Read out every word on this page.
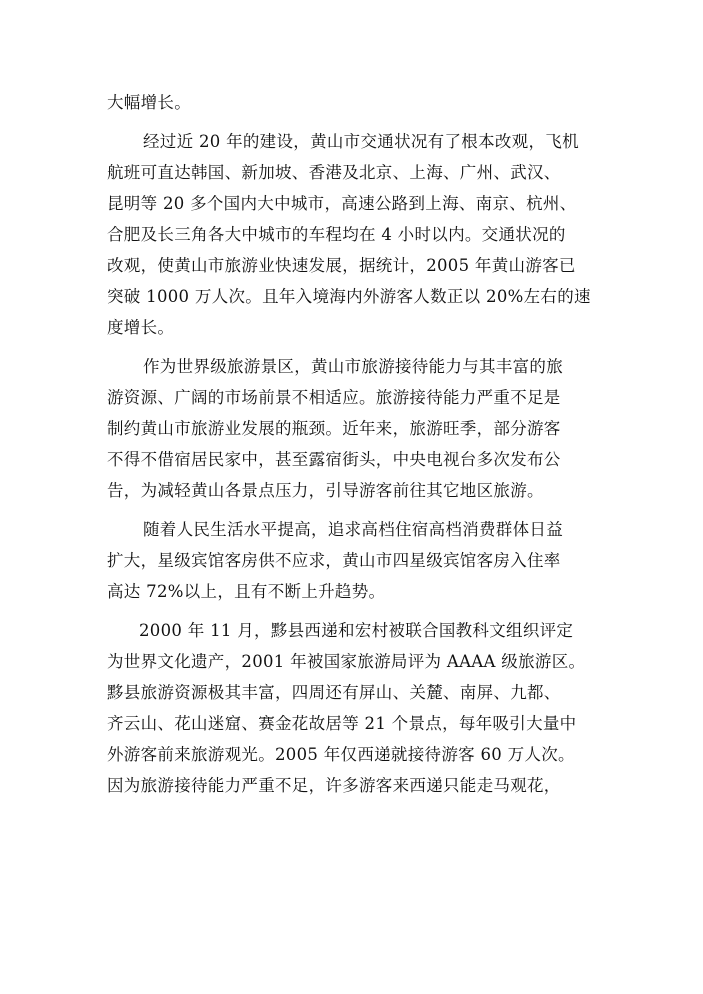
大幅增长。
经过近 20 年的建设，黄山市交通状况有了根本改观，飞机
航班可直达韩国、新加坡、香港及北京、上海、广州、武汉、
昆明等 20 多个国内大中城市，高速公路到上海、南京、杭州、
合肥及长三角各大中城市的车程均在 4 小时以内。交通状况的
改观，使黄山市旅游业快速发展，据统计，2005 年黄山游客已
突破 1000 万人次。且年入境海内外游客人数正以 20%左右的速
度增长。
作为世界级旅游景区，黄山市旅游接待能力与其丰富的旅
游资源、广阔的市场前景不相适应。旅游接待能力严重不足是
制约黄山市旅游业发展的瓶颈。近年来，旅游旺季，部分游客
不得不借宿居民家中，甚至露宿街头，中央电视台多次发布公
告，为减轻黄山各景点压力，引导游客前往其它地区旅游。
随着人民生活水平提高，追求高档住宿高档消费群体日益
扩大，星级宾馆客房供不应求，黄山市四星级宾馆客房入住率
高达 72%以上，且有不断上升趋势。
2000 年 11 月，黟县西递和宏村被联合国教科文组织评定
为世界文化遗产，2001 年被国家旅游局评为 AAAA 级旅游区。
黟县旅游资源极其丰富，四周还有屏山、关麓、南屏、九都、
齐云山、花山迷窟、赛金花故居等 21 个景点，每年吸引大量中
外游客前来旅游观光。2005 年仅西递就接待游客 60 万人次。
因为旅游接待能力严重不足，许多游客来西递只能走马观花，
